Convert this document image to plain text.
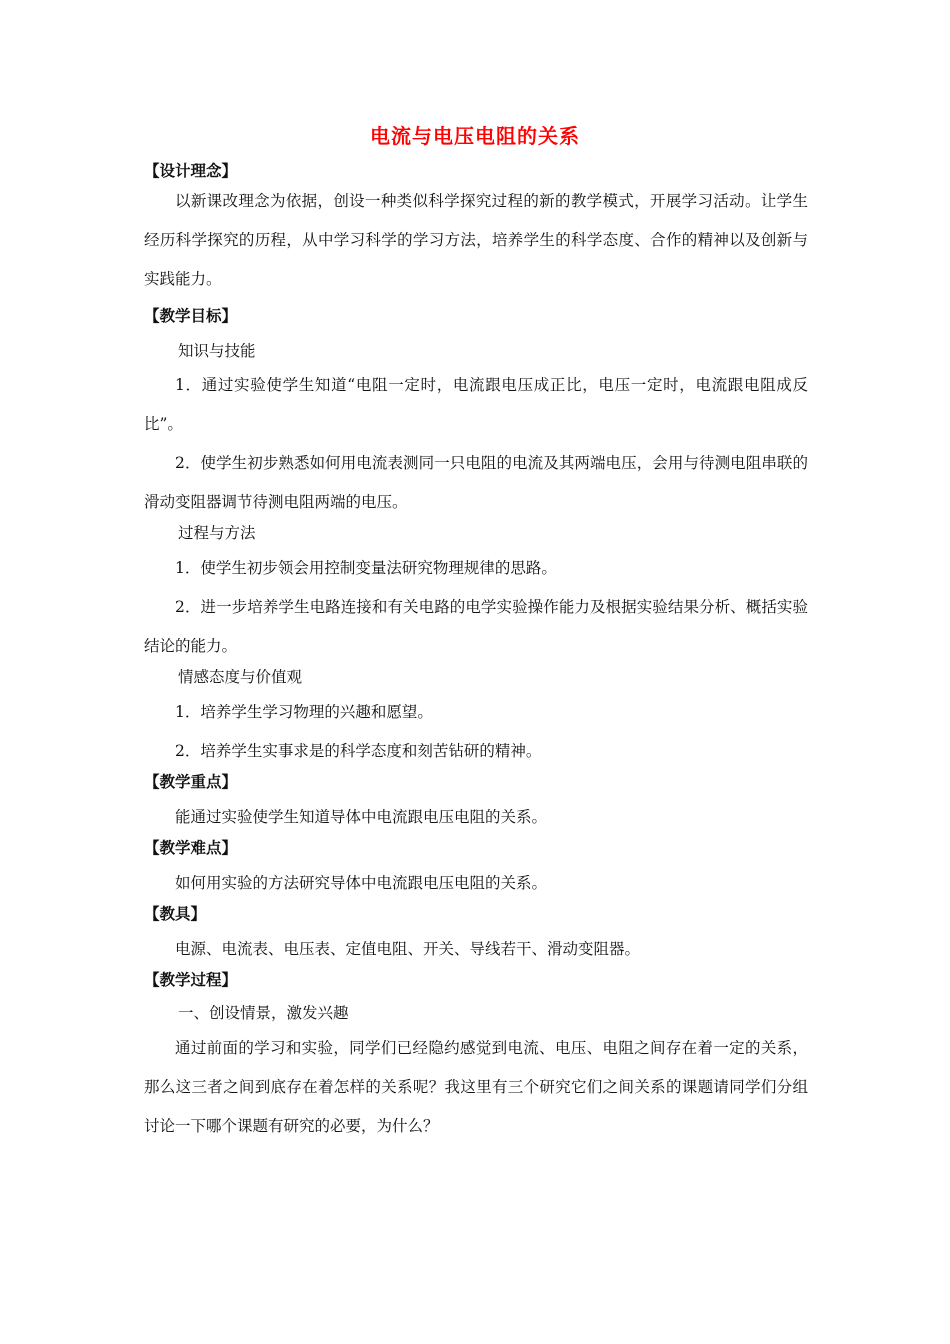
电流与电压电阻的关系
【设计理念】

以新课改理念为依据，创设一种类似科学探究过程的新的教学模式，开展学习活动。让学生经历科学探究的历程，从中学习科学的学习方法，培养学生的科学态度、合作的精神以及创新与实践能力。

【教学目标】
知识与技能

1．通过实验使学生知道“电阻一定时，电流跟电压成正比，电压一定时，电流跟电阻成反比”。

2．使学生初步熟悉如何用电流表测同一只电阻的电流及其两端电压，会用与待测电阻串联的滑动变阻器调节待测电阻两端的电压。

过程与方法

1．使学生初步领会用控制变量法研究物理规律的思路。

2．进一步培养学生电路连接和有关电路的电学实验操作能力及根据实验结果分析、概括实验结论的能力。

情感态度与价值观

1．培养学生学习物理的兴趣和愿望。

2．培养学生实事求是的科学态度和刻苦钻研的精神。

【教学重点】

能通过实验使学生知道导体中电流跟电压电阻的关系。

【教学难点】

如何用实验的方法研究导体中电流跟电压电阻的关系。

【教具】

电源、电流表、电压表、定值电阻、开关、导线若干、滑动变阻器。

【教学过程】
一、创设情景，激发兴趣

通过前面的学习和实验，同学们已经隐约感觉到电流、电压、电阻之间存在着一定的关系，那么这三者之间到底存在着怎样的关系呢？我这里有三个研究它们之间关系的课题请同学们分组讨论一下哪个课题有研究的必要，为什么？
